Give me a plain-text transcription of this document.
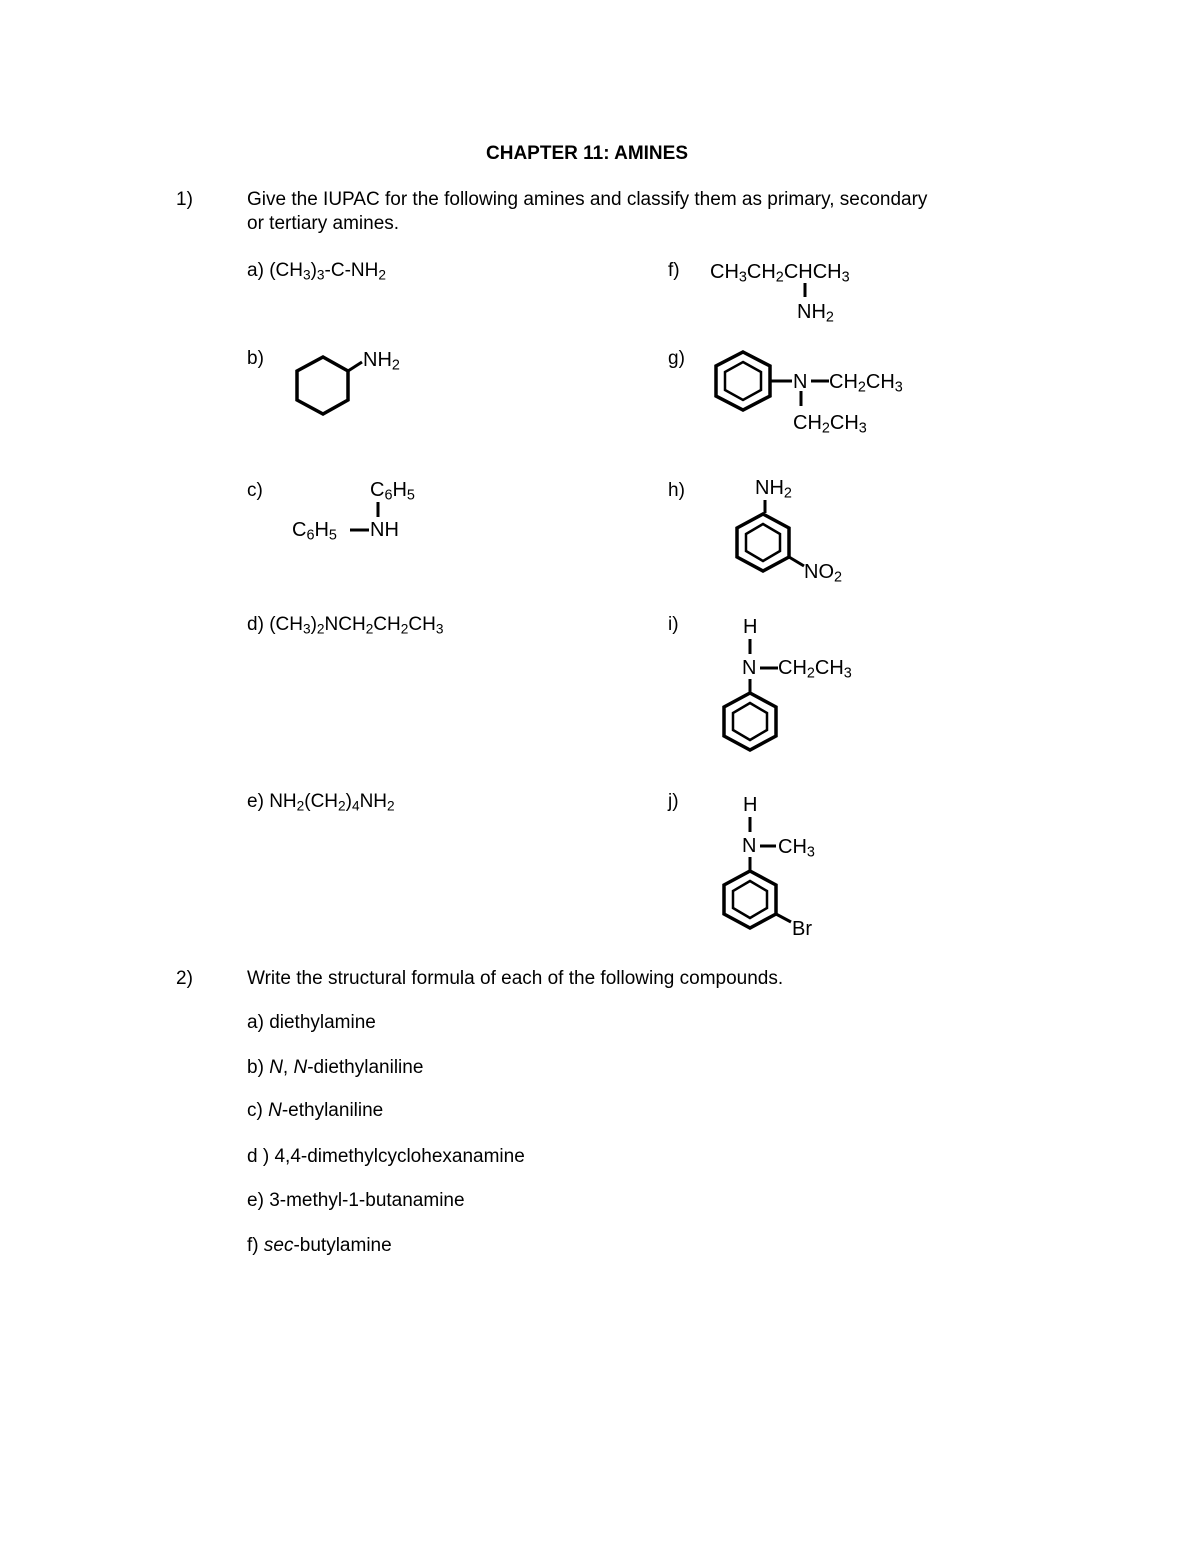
CHAPTER 11: AMINES
1)	Give the IUPAC for the following amines and classify them as primary, secondary
or tertiary amines.
a) $(CH_3)_3-C-NH_2$	f) $CH_3CH_2CHCH_3$
$NH_2$
b)	$NH_2$	g)
N $CH_2CH_3$
$CH_2CH_3$
c)	$C_6H_5$
$C_6H_5$ NH
h)	$NH_2$
$NO_2$
d) $(CH_3)_2NCH_2CH_2CH_3$	i)	H
N $CH_2CH_3$
e) $NH_2(CH_2)_4NH_2$	j)	H
N $CH_3$
Br
2)	Write the structural formula of each of the following compounds.
a) diethylamine
b) N, N-diethylaniline
c) N-ethylaniline
d ) 4,4-dimethylcyclohexanamine
e) 3-methyl-1-butanamine
f) sec-butylamine
